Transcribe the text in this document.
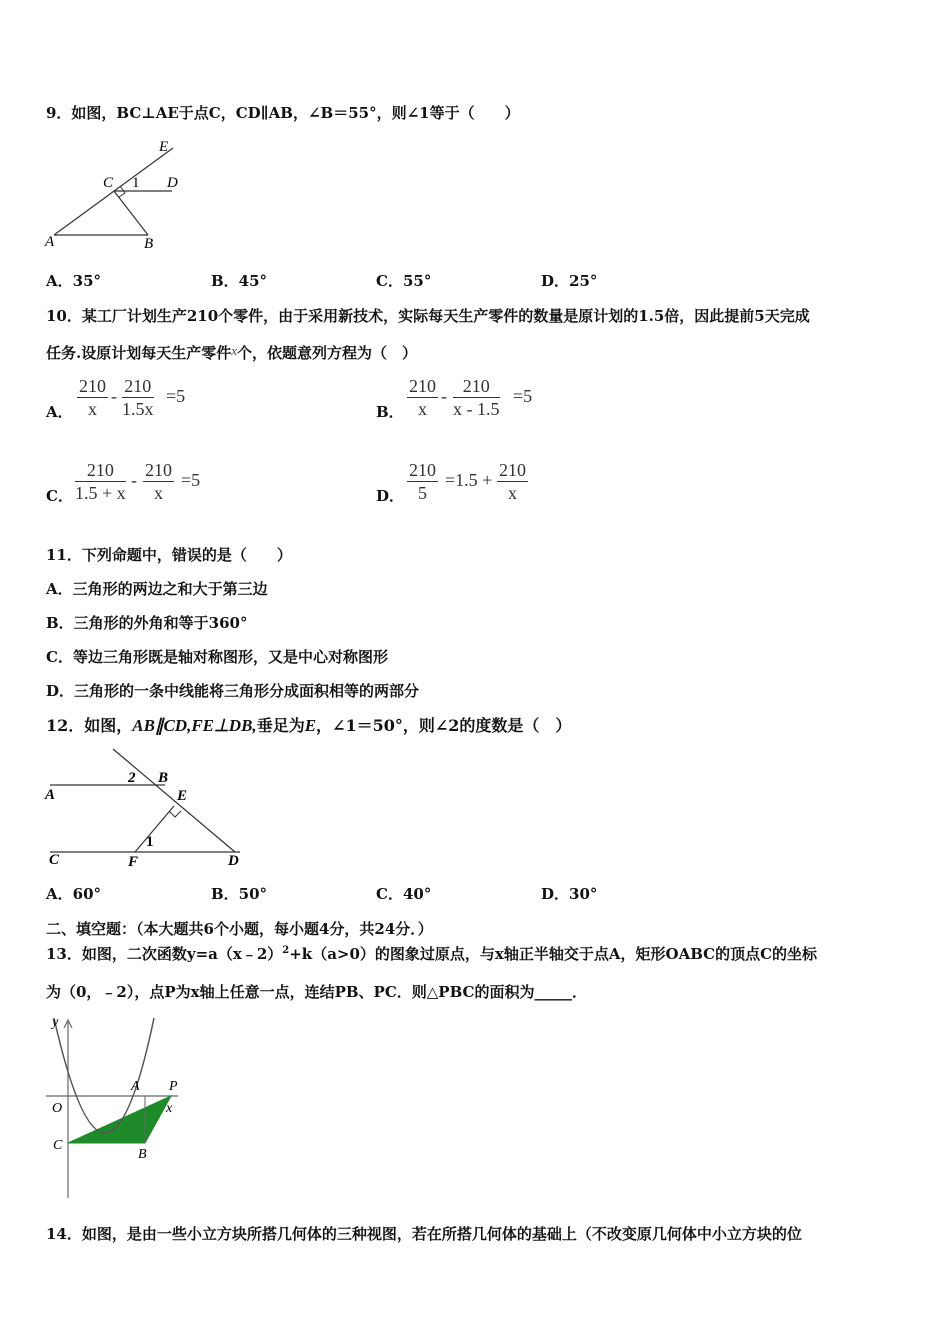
9．如图，BC⊥AE于点C，CD∥AB，∠B＝55°，则∠1等于（　　）
E
C 1 D
A	B
A．35°	B．45°	C．55°	D．25°
10．某工厂计划生产210个零件，由于采用新技术，实际每天生产零件的数量是原计划的1.5倍，因此提前5天完成
任务.设原计划每天生产零件x个，依题意列方程为（　）
A． $\frac{210}{x} - \frac{210}{1.5x} =5$
B． $\frac{210}{x} - \frac{210}{x - 1.5} =5$
C． $\frac{210}{1.5 + x} - \frac{210}{x} =5$
D． $\frac{210}{5} =1.5 + \frac{210}{x}$
11．下列命题中，错误的是（　　）
A．三角形的两边之和大于第三边
B．三角形的外角和等于360°
C．等边三角形既是轴对称图形，又是中心对称图形
D．三角形的一条中线能将三角形分成面积相等的两部分
12．如图，AB∥CD,FE⊥DB,垂足为E，∠1＝50°，则∠2的度数是（　）
2 B
A	E
1
C	F	D
A．60°	B．50°	C．40°	D．30°
二、填空题：（本大题共6个小题，每小题4分，共24分．）
13．如图，二次函数y=a（x﹣2）$^2$+k（a>0）的图象过原点，与x轴正半轴交于点A，矩形OABC的顶点C的坐标
为（0，﹣2），点P为x轴上任意一点，连结PB、PC．则△PBC的面积为_____．
y
A P
O	x
C
B
14．如图，是由一些小立方块所搭几何体的三种视图，若在所搭几何体的基础上（不改变原几何体中小立方块的位
